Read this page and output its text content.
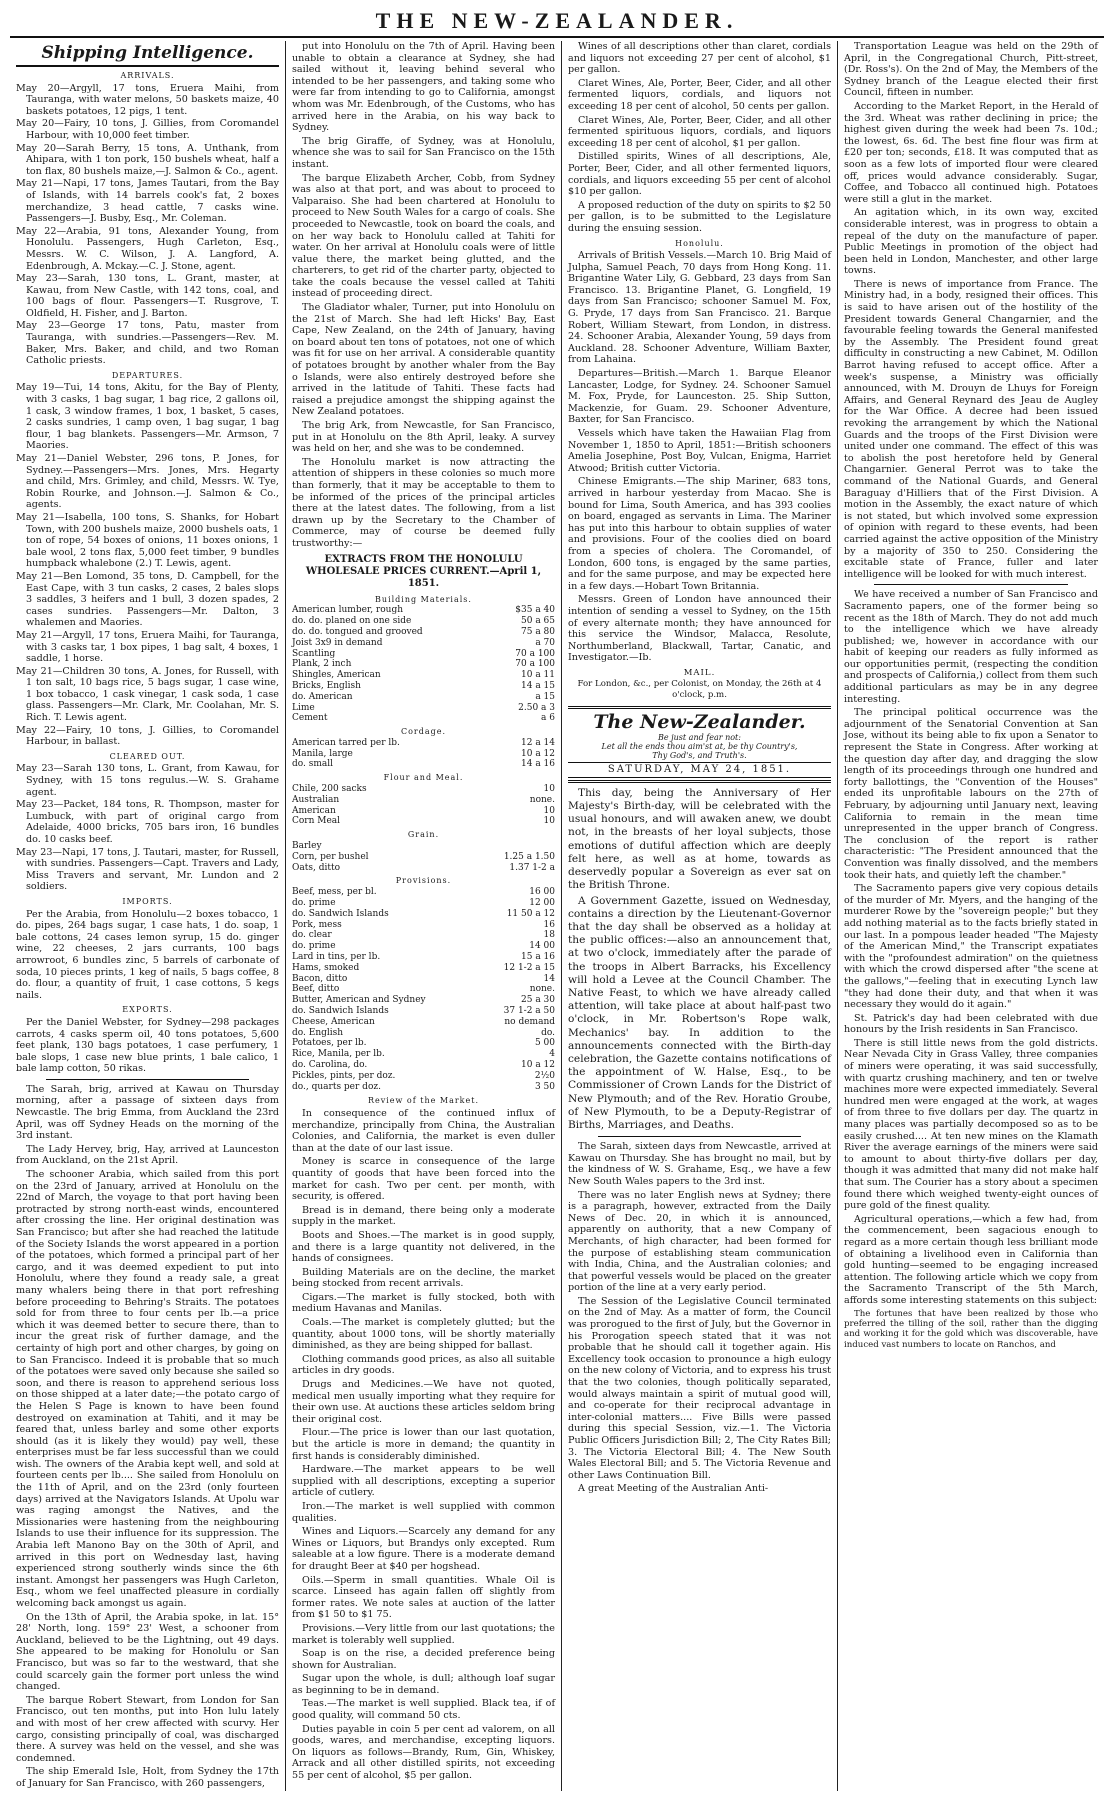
THE NEW-ZEALANDER.
Shipping Intelligence.
ARRIVALS.
May 20—Argyll, 17 tons, Eruera Maihi, from Tauranga, with water melons, 50 baskets maize, 40 baskets potatoes, 12 pigs, 1 tent.
May 20—Fairy, 10 tons, J. Gillies, from Coromandel Harbour, with 10,000 feet timber.
May 20—Sarah Berry, 15 tons, A. Unthank, from Ahipara, with 1 ton pork, 150 bushels wheat, half a ton flax, 80 bushels maize,—J. Salmon & Co., agent.
May 21—Napi, 17 tons, James Tautari, from the Bay of Islands, with 14 barrels cook's fat, 2 boxes merchandize, 3 head cattle, 7 casks wine. Passengers—J. Busby, Esq., Mr. Coleman.
May 22—Arabia, 91 tons, Alexander Young, from Honolulu. Passengers, Hugh Carleton, Esq., Messrs. W. C. Wilson, J. A. Langford, A. Edenbrough, A. Mckay.—C. J. Stone, agent.
May 23—Sarah, 130 tons, L. Grant, master, at Kawau, from New Castle, with 142 tons, coal, and 100 bags of flour. Passengers—T. Rusgrove, T. Oldfield, H. Fisher, and J. Barton.
May 23—George 17 tons, Patu, master from Tauranga, with sundries.—Passengers—Rev. M. Baker, Mrs. Baker, and child, and two Roman Catholic priests.
DEPARTURES.
May 19—Tui, 14 tons, Akitu, for the Bay of Plenty, with 3 casks, 1 bag sugar, 1 bag rice, 2 gallons oil, 1 cask, 3 window frames, 1 box, 1 basket, 5 cases, 2 casks sundries, 1 camp oven, 1 bag sugar, 1 bag flour, 1 bag blankets. Passengers—Mr. Armson, 7 Maories.
May 21—Daniel Webster, 296 tons, P. Jones, for Sydney.—Passengers—Mrs. Jones, Mrs. Hegarty and child, Mrs. Grimley, and child, Messrs. W. Tye, Robin Rourke, and Johnson.—J. Salmon & Co., agents.
May 21—Isabella, 100 tons, S. Shanks, for Hobart Town, with 200 bushels maize, 2000 bushels oats, 1 ton of rope, 54 boxes of onions, 11 boxes onions, 1 bale wool, 2 tons flax, 5,000 feet timber, 9 bundles humpback whalebone (2.) T. Lewis, agent.
May 21—Ben Lomond, 35 tons, D. Campbell, for the East Cape, with 3 tun casks, 2 cases, 2 bales slops 3 saddles, 3 heifers and 1 bull, 3 dozen spades, 2 cases sundries. Passengers—Mr. Dalton, 3 whalemen and Maories.
May 21—Argyll, 17 tons, Eruera Maihi, for Tauranga, with 3 casks tar, 1 box pipes, 1 bag salt, 4 boxes, 1 saddle, 1 horse.
May 21—Children 30 tons, A. Jones, for Russell, with 1 ton salt, 10 bags rice, 5 bags sugar, 1 case wine, 1 box tobacco, 1 cask vinegar, 1 cask soda, 1 case glass. Passengers—Mr. Clark, Mr. Coolahan, Mr. S. Rich. T. Lewis agent.
May 22—Fairy, 10 tons, J. Gillies, to Coromandel Harbour, in ballast.
CLEARED OUT.
May 23—Sarah 130 tons, L. Grant, from Kawau, for Sydney, with 15 tons regulus.—W. S. Grahame agent.
May 23—Packet, 184 tons, R. Thompson, master for Lumbuck, with part of original cargo from Adelaide, 4000 bricks, 705 bars iron, 16 bundles do. 10 casks beef.
May 23—Napi, 17 tons, J. Tautari, master, for Russell, with sundries. Passengers—Capt. Travers and Lady, Miss Travers and servant, Mr. Lundon and 2 soldiers.
IMPORTS.

Per the Arabia, from Honolulu—2 boxes tobacco, 1 do. pipes, 264 bags sugar, 1 case hats, 1 do. soap, 1 bale cottons, 24 cases lemon syrup, 15 do. ginger wine, 22 cheeses, 2 jars currants, 100 bags arrowroot, 6 bundles zinc, 5 barrels of carbonate of soda, 10 pieces prints, 1 keg of nails, 5 bags coffee, 8 do. flour, a quantity of fruit, 1 case cottons, 5 kegs nails.

EXPORTS.

Per the Daniel Webster, for Sydney—298 packages carrots, 4 casks sperm oil, 40 tons potatoes, 5,600 feet plank, 130 bags potatoes, 1 case perfumery, 1 bale slops, 1 case new blue prints, 1 bale calico, 1 bale lamp cotton, 50 rikas.

The Sarah, brig, arrived at Kawau on Thursday morning, after a passage of sixteen days from Newcastle. The brig Emma, from Auckland the 23rd April, was off Sydney Heads on the morning of the 3rd instant.

The Lady Hervey, brig, Hay, arrived at Launceston from Auckland, on the 21st April.

The schooner Arabia, which sailed from this port on the 23rd of January, arrived at Honolulu on the 22nd of March, the voyage to that port having been protracted by strong north-east winds, encountered after crossing the line. Her original destination was San Francisco; but after she had reached the latitude of the Society Islands the worst appeared in a portion of the potatoes, which formed a principal part of her cargo, and it was deemed expedient to put into Honolulu, where they found a ready sale, a great many whalers being there in that port refreshing before proceeding to Behring's Straits. The potatoes sold for from three to four cents per lb.—a price which it was deemed better to secure there, than to incur the great risk of further damage, and the certainty of high port and other charges, by going on to San Francisco. Indeed it is probable that so much of the potatoes were saved only because she sailed so soon, and there is reason to apprehend serious loss on those shipped at a later date;—the potato cargo of the Helen S Page is known to have been found destroyed on examination at Tahiti, and it may be feared that, unless barley and some other exports should (as it is likely they would) pay well, these enterprises must be far less successful than we could wish. The owners of the Arabia kept well, and sold at fourteen cents per lb.... She sailed from Honolulu on the 11th of April, and on the 23rd (only fourteen days) arrived at the Navigators Islands. At Upolu war was raging amongst the Natives, and the Missionaries were hastening from the neighbouring Islands to use their influence for its suppression. The Arabia left Manono Bay on the 30th of April, and arrived in this port on Wednesday last, having experienced strong southerly winds since the 6th instant. Amongst her passengers was Hugh Carleton, Esq., whom we feel unaffected pleasure in cordially welcoming back amongst us again.

On the 13th of April, the Arabia spoke, in lat. 15° 28' North, long. 159° 23' West, a schooner from Auckland, believed to be the Lightning, out 49 days. She appeared to be making for Honolulu or San Francisco, but was so far to the westward, that she could scarcely gain the former port unless the wind changed.

The barque Robert Stewart, from London for San Francisco, out ten months, put into Hon lulu lately and with most of her crew affected with scurvy. Her cargo, consisting principally of coal, was discharged there. A survey was held on the vessel, and she was condemned.

The ship Emerald Isle, Holt, from Sydney the 17th of January for San Francisco, with 260 passengers,

put into Honolulu on the 7th of April. Having been unable to obtain a clearance at Sydney, she had sailed without it, leaving behind several who intended to be her passengers, and taking some who were far from intending to go to California, amongst whom was Mr. Edenbrough, of the Customs, who has arrived here in the Arabia, on his way back to Sydney.

The brig Giraffe, of Sydney, was at Honolulu, whence she was to sail for San Francisco on the 15th instant.

The barque Elizabeth Archer, Cobb, from Sydney was also at that port, and was about to proceed to Valparaiso. She had been chartered at Honolulu to proceed to New South Wales for a cargo of coals. She proceeded to Newcastle, took on board the coals, and on her way back to Honolulu called at Tahiti for water. On her arrival at Honolulu coals were of little value there, the market being glutted, and the charterers, to get rid of the charter party, objected to take the coals because the vessel called at Tahiti instead of proceeding direct.

The Gladiator whaler, Turner, put into Honolulu on the 21st of March. She had left Hicks' Bay, East Cape, New Zealand, on the 24th of January, having on board about ten tons of potatoes, not one of which was fit for use on her arrival. A considerable quantity of potatoes brought by another whaler from the Bay o Islands, were also entirely destroyed before she arrived in the latitude of Tahiti. These facts had raised a prejudice amongst the shipping against the New Zealand potatoes.

The brig Ark, from Newcastle, for San Francisco, put in at Honolulu on the 8th April, leaky. A survey was held on her, and she was to be condemned.

The Honolulu market is now attracting the attention of shippers in these colonies so much more than formerly, that it may be acceptable to them to be informed of the prices of the principal articles there at the latest dates. The following, from a list drawn up by the Secretary to the Chamber of Commerce, may of course be deemed fully trustworthy:—

EXTRACTS FROM THE HONOLULU WHOLESALE PRICES CURRENT.—April 1, 1851.
Building Materials.	
American lumber, rough	$35 a 40
do. do. planed on one side	50 a 65
do. do. tongued and grooved	75 a 80
Joist 3x9 in demand	a 70
Scantling	70 a 100
Plank, 2 inch	70 a 100
Shingles, American	10 a 11
Bricks, English	14 a 15
do. American	a 15
Lime	2.50 a 3
Cement	a 6
Cordage.	
American tarred per lb.	12 a 14
Manila, large	10 a 12
do. small	14 a 16
Flour and Meal.	
Chile, 200 sacks	10
Australian	none.
American	10
Corn Meal	10
Grain.	
Barley	
Corn, per bushel	1.25 a 1.50
Oats, ditto	1.37 1-2 a
Provisions.	
Beef, mess, per bl.	16 00
do. prime	12 00
do. Sandwich Islands	11 50 a 12
Pork, mess	16
do. clear	18
do. prime	14 00
Lard in tins, per lb.	15 a 16
Hams, smoked	12 1-2 a 15
Bacon, ditto	14
Beef, ditto	none.
Butter, American and Sydney	25 a 30
do. Sandwich Islands	37 1-2 a 50
Cheese, American	no demand
do. English	do.
Potatoes, per lb.	5 00
Rice, Manila, per lb.	4
do. Carolina, do.	10 a 12
Pickles, pints, per doz.	2½0
do., quarts per doz.	3 50
Review of the Market.

In consequence of the continued influx of merchandize, principally from China, the Australian Colonies, and California, the market is even duller than at the date of our last issue.

Money is scarce in consequence of the large quantity of goods that have been forced into the market for cash. Two per cent. per month, with security, is offered.

Bread is in demand, there being only a moderate supply in the market.

Boots and Shoes.—The market is in good supply, and there is a large quantity not delivered, in the hands of consignees.

Building Materials are on the decline, the market being stocked from recent arrivals.

Cigars.—The market is fully stocked, both with medium Havanas and Manilas.

Coals.—The market is completely glutted; but the quantity, about 1000 tons, will be shortly materially diminished, as they are being shipped for ballast.

Clothing commands good prices, as also all suitable articles in dry goods.

Drugs and Medicines.—We have not quoted, medical men usually importing what they require for their own use. At auctions these articles seldom bring their original cost.

Flour.—The price is lower than our last quotation, but the article is more in demand; the quantity in first hands is considerably diminished.

Hardware.—The market appears to be well supplied with all descriptions, excepting a superior article of cutlery.

Iron.—The market is well supplied with common qualities.

Wines and Liquors.—Scarcely any demand for any Wines or Liquors, but Brandys only excepted. Rum saleable at a low figure. There is a moderate demand for draught Beer at $40 per hogshead.

Oils.—Sperm in small quantities. Whale Oil is scarce. Linseed has again fallen off slightly from former rates. We note sales at auction of the latter from $1 50 to $1 75.

Provisions.—Very little from our last quotations; the market is tolerably well supplied.

Soap is on the rise, a decided preference being shown for Australian.

Sugar upon the whole, is dull; although loaf sugar as beginning to be in demand.

Teas.—The market is well supplied. Black tea, if of good quality, will command 50 cts.

Duties payable in coin 5 per cent ad valorem, on all goods, wares, and merchandise, excepting liquors. On liquors as follows—Brandy, Rum, Gin, Whiskey, Arrack and all other distilled spirits, not exceeding 55 per cent of alcohol, $5 per gallon.

Wines of all descriptions other than claret, cordials and liquors not exceeding 27 per cent of alcohol, $1 per gallon.

Claret Wines, Ale, Porter, Beer, Cider, and all other fermented liquors, cordials, and liquors not exceeding 18 per cent of alcohol, 50 cents per gallon.

Claret Wines, Ale, Porter, Beer, Cider, and all other fermented spirituous liquors, cordials, and liquors exceeding 18 per cent of alcohol, $1 per gallon.

Distilled spirits, Wines of all descriptions, Ale, Porter, Beer, Cider, and all other fermented liquors, cordials, and liquors exceeding 55 per cent of alcohol $10 per gallon.

A proposed reduction of the duty on spirits to $2 50 per gallon, is to be submitted to the Legislature during the ensuing session.

Honolulu.

Arrivals of British Vessels.—March 10. Brig Maid of Julpha, Samuel Peach, 70 days from Hong Kong. 11. Brigantine Water Lily, G. Gebbard, 23 days from San Francisco. 13. Brigantine Planet, G. Longfield, 19 days from San Francisco; schooner Samuel M. Fox, G. Pryde, 17 days from San Francisco. 21. Barque Robert, William Stewart, from London, in distress. 24. Schooner Arabia, Alexander Young, 59 days from Auckland. 28. Schooner Adventure, William Baxter, from Lahaina.

Departures—British.—March 1. Barque Eleanor Lancaster, Lodge, for Sydney. 24. Schooner Samuel M. Fox, Pryde, for Launceston. 25. Ship Sutton, Mackenzie, for Guam. 29. Schooner Adventure, Baxter, for San Francisco.

Vessels which have taken the Hawaiian Flag from November 1, 1850 to April, 1851:—British schooners Amelia Josephine, Post Boy, Vulcan, Enigma, Harriet Atwood; British cutter Victoria.

Chinese Emigrants.—The ship Mariner, 683 tons, arrived in harbour yesterday from Macao. She is bound for Lima, South America, and has 393 coolies on board, engaged as servants in Lima. The Mariner has put into this harbour to obtain supplies of water and provisions. Four of the coolies died on board from a species of cholera. The Coromandel, of London, 600 tons, is engaged by the same parties, and for the same purpose, and may be expected here in a few days.—Hobart Town Britannia.

Messrs. Green of London have announced their intention of sending a vessel to Sydney, on the 15th of every alternate month; they have announced for this service the Windsor, Malacca, Resolute, Northumberland, Blackwall, Tartar, Canatic, and Investigator.—Ib.

MAIL.
For London, &c., per Colonist, on Monday, the 26th at 4 o'clock, p.m.
The New-Zealander.
Be just and fear not:
Let all the ends thou aim'st at, be thy Country's,
Thy God's, and Truth's.
SATURDAY, MAY 24, 1851.

This day, being the Anniversary of Her Majesty's Birth-day, will be celebrated with the usual honours, and will awaken anew, we doubt not, in the breasts of her loyal subjects, those emotions of dutiful affection which are deeply felt here, as well as at home, towards as deservedly popular a Sovereign as ever sat on the British Throne.

A Government Gazette, issued on Wednesday, contains a direction by the Lieutenant-Governor that the day shall be observed as a holiday at the public offices:—also an announcement that, at two o'clock, immediately after the parade of the troops in Albert Barracks, his Excellency will hold a Levee at the Council Chamber. The Native Feast, to which we have already called attention, will take place at about half-past two o'clock, in Mr. Robertson's Rope walk, Mechanics' bay. In addition to the announcements connected with the Birth-day celebration, the Gazette contains notifications of the appointment of W. Halse, Esq., to be Commissioner of Crown Lands for the District of New Plymouth; and of the Rev. Horatio Groube, of New Plymouth, to be a Deputy-Registrar of Births, Marriages, and Deaths.

The Sarah, sixteen days from Newcastle, arrived at Kawau on Thursday. She has brought no mail, but by the kindness of W. S. Grahame, Esq., we have a few New South Wales papers to the 3rd inst.

There was no later English news at Sydney; there is a paragraph, however, extracted from the Daily News of Dec. 20, in which it is announced, apparently on authority, that a new Company of Merchants, of high character, had been formed for the purpose of establishing steam communication with India, China, and the Australian colonies; and that powerful vessels would be placed on the greater portion of the line at a very early period.

The Session of the Legislative Council terminated on the 2nd of May. As a matter of form, the Council was prorogued to the first of July, but the Governor in his Prorogation speech stated that it was not probable that he should call it together again. His Excellency took occasion to pronounce a high eulogy on the new colony of Victoria, and to express his trust that the two colonies, though politically separated, would always maintain a spirit of mutual good will, and co-operate for their reciprocal advantage in inter-colonial matters.... Five Bills were passed during this special Session, viz.—1. The Victoria Public Officers Jurisdiction Bill; 2, The City Rates Bill; 3. The Victoria Electoral Bill; 4. The New South Wales Electoral Bill; and 5. The Victoria Revenue and other Laws Continuation Bill.

A great Meeting of the Australian Anti-

Transportation League was held on the 29th of April, in the Congregational Church, Pitt-street, (Dr. Ross's). On the 2nd of May, the Members of the Sydney branch of the League elected their first Council, fifteen in number.

According to the Market Report, in the Herald of the 3rd. Wheat was rather declining in price; the highest given during the week had been 7s. 10d.; the lowest, 6s. 6d. The best fine flour was firm at £20 per ton; seconds, £18. It was computed that as soon as a few lots of imported flour were cleared off, prices would advance considerably. Sugar, Coffee, and Tobacco all continued high. Potatoes were still a glut in the market.

An agitation which, in its own way, excited considerable interest, was in progress to obtain a repeal of the duty on the manufacture of paper. Public Meetings in promotion of the object had been held in London, Manchester, and other large towns.

There is news of importance from France. The Ministry had, in a body, resigned their offices. This is said to have arisen out of the hostility of the President towards General Changarnier, and the favourable feeling towards the General manifested by the Assembly. The President found great difficulty in constructing a new Cabinet, M. Odillon Barrot having refused to accept office. After a week's suspense, a Ministry was officially announced, with M. Drouyn de Lhuys for Foreign Affairs, and General Reynard des Jeau de Augley for the War Office. A decree had been issued revoking the arrangement by which the National Guards and the troops of the First Division were united under one command. The effect of this was to abolish the post heretofore held by General Changarnier. General Perrot was to take the command of the National Guards, and General Baraguay d'Hilliers that of the First Division. A motion in the Assembly, the exact nature of which is not stated, but which involved some expression of opinion with regard to these events, had been carried against the active opposition of the Ministry by a majority of 350 to 250. Considering the excitable state of France, fuller and later intelligence will be looked for with much interest.

We have received a number of San Francisco and Sacramento papers, one of the former being so recent as the 18th of March. They do not add much to the intelligence which we have already published; we, however in accordance with our habit of keeping our readers as fully informed as our opportunities permit, (respecting the condition and prospects of California,) collect from them such additional particulars as may be in any degree interesting.

The principal political occurrence was the adjournment of the Senatorial Convention at San Jose, without its being able to fix upon a Senator to represent the State in Congress. After working at the question day after day, and dragging the slow length of its proceedings through one hundred and forty ballottings, the "Convention of the Houses" ended its unprofitable labours on the 27th of February, by adjourning until January next, leaving California to remain in the mean time unrepresented in the upper branch of Congress. The conclusion of the report is rather characteristic: "The President announced that the Convention was finally dissolved, and the members took their hats, and quietly left the chamber."

The Sacramento papers give very copious details of the murder of Mr. Myers, and the hanging of the murderer Rowe by the "sovereign people;" but they add nothing material as to the facts briefly stated in our last. In a pompous leader headed "The Majesty of the American Mind," the Transcript expatiates with the "profoundest admiration" on the quietness with which the crowd dispersed after "the scene at the gallows,"—feeling that in executing Lynch law "they had done their duty, and that when it was necessary they would do it again."

St. Patrick's day had been celebrated with due honours by the Irish residents in San Francisco.

There is still little news from the gold districts. Near Nevada City in Grass Valley, three companies of miners were operating, it was said successfully, with quartz crushing machinery, and ten or twelve machines more were expected immediately. Several hundred men were engaged at the work, at wages of from three to five dollars per day. The quartz in many places was partially decomposed so as to be easily crushed.... At ten new mines on the Klamath River the average earnings of the miners were said to amount to about thirty-five dollars per day, though it was admitted that many did not make half that sum. The Courier has a story about a specimen found there which weighed twenty-eight ounces of pure gold of the finest quality.

Agricultural operations,—which a few had, from the commencement, been sagacious enough to regard as a more certain though less brilliant mode of obtaining a livelihood even in California than gold hunting—seemed to be engaging increased attention. The following article which we copy from the Sacramento Transcript of the 5th March, affords some interesting statements on this subject:

The fortunes that have been realized by those who preferred the tilling of the soil, rather than the digging and working it for the gold which was discoverable, have induced vast numbers to locate on Ranchos, and
